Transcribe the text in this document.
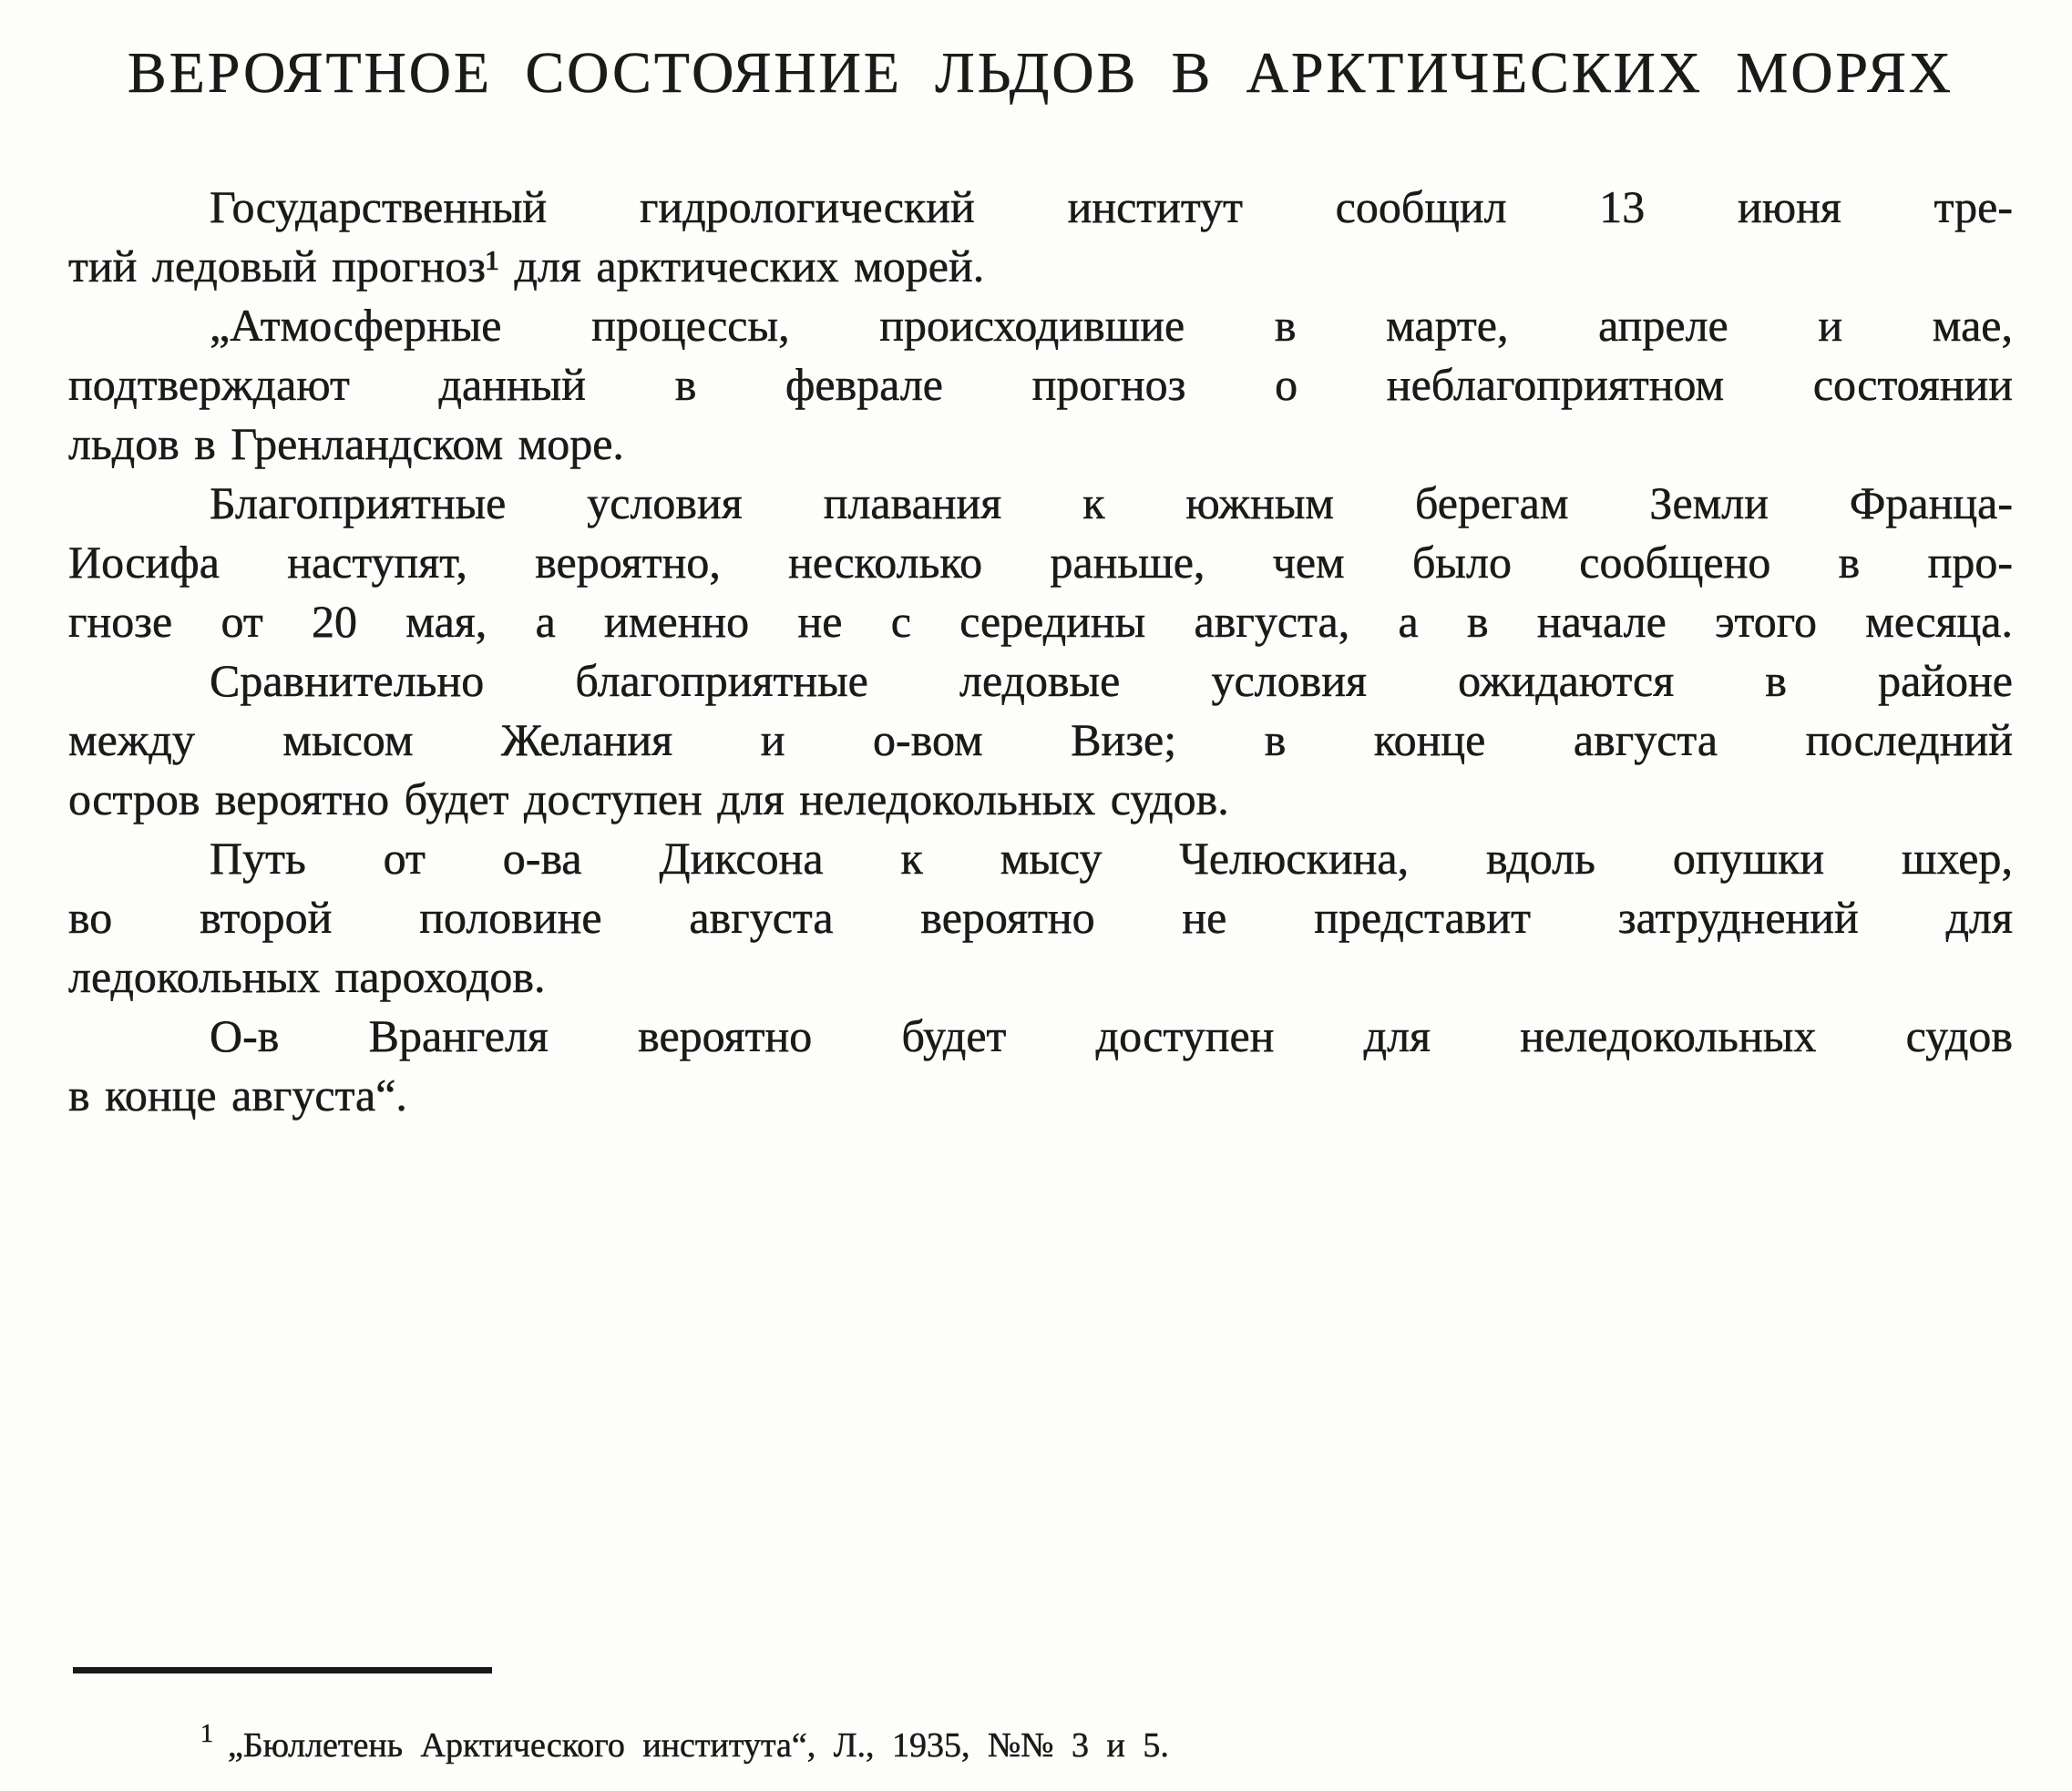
ВЕРОЯТНОЕ СОСТОЯНИЕ ЛЬДОВ В АРКТИЧЕСКИХ МОРЯХ
Государственный гидрологический институт сообщил 13 июня тре-
тий ледовый прогноз¹ для арктических морей.
„Атмосферные процессы, происходившие в марте, апреле и мае,
подтверждают данный в феврале прогноз о неблагоприятном состоянии
льдов в Гренландском море.
Благоприятные условия плавания к южным берегам Земли Франца-
Иосифа наступят, вероятно, несколько раньше, чем было сообщено в про-
гнозе от 20 мая, а именно не с середины августа, а в начале этого месяца.
Сравнительно благоприятные ледовые условия ожидаются в районе
между мысом Желания и о-вом Визе; в конце августа последний
остров вероятно будет доступен для неледокольных судов.
Путь от о-ва Диксона к мысу Челюскина, вдоль опушки шхер,
во второй половине августа вероятно не представит затруднений для
ледокольных пароходов.
О-в Врангеля вероятно будет доступен для неледокольных судов
в конце августа“.
1 „Бюллетень Арктического института“, Л., 1935, №№ 3 и 5.
